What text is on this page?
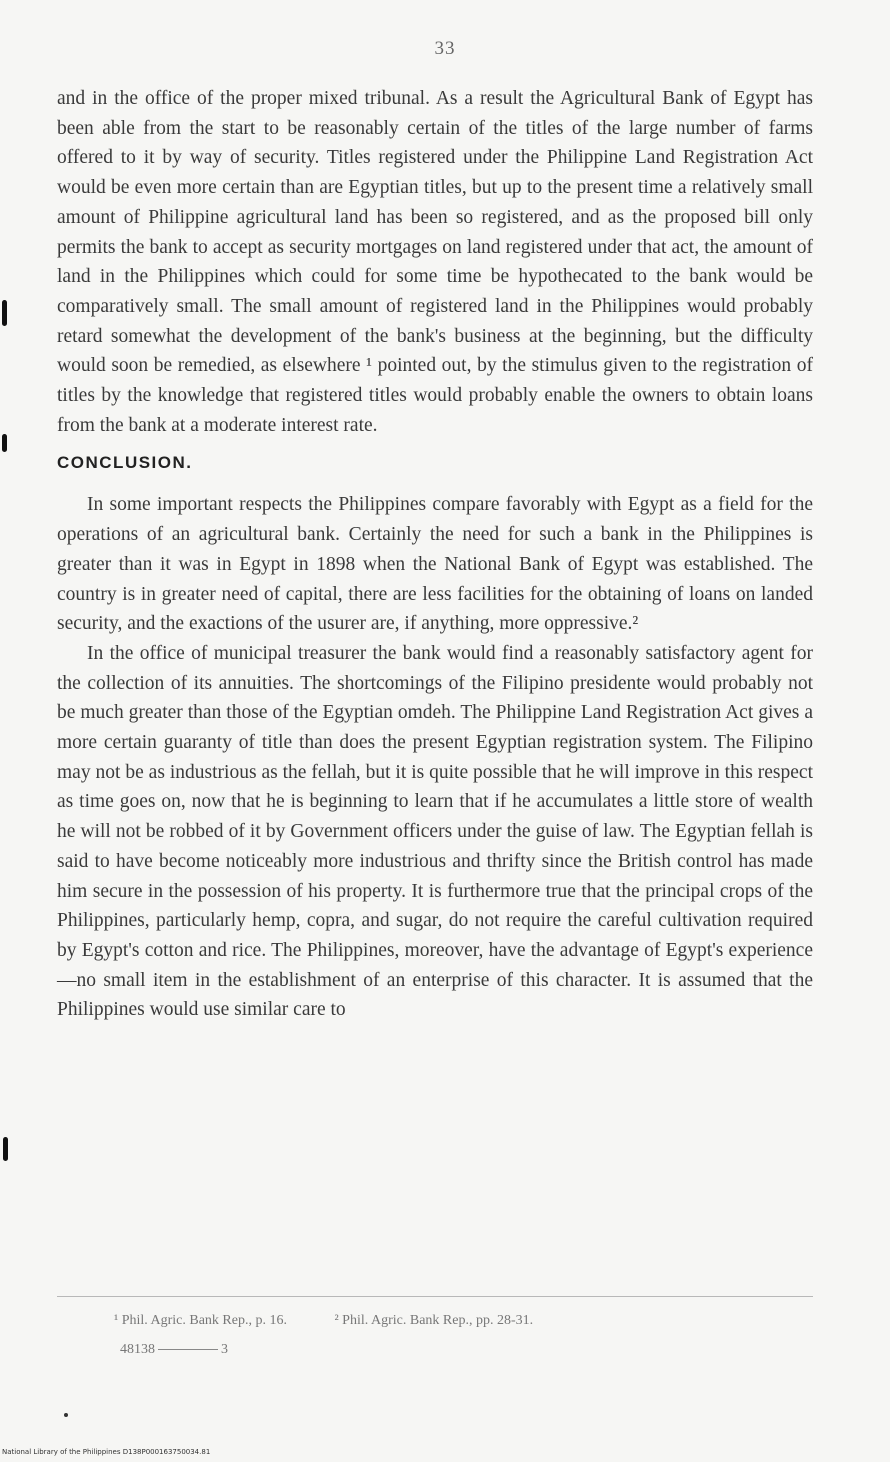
33

and in the office of the proper mixed tribunal. As a result the Agricultural Bank of Egypt has been able from the start to be reasonably certain of the titles of the large number of farms offered to it by way of security. Titles registered under the Philippine Land Registration Act would be even more certain than are Egyptian titles, but up to the present time a relatively small amount of Philippine agricultural land has been so registered, and as the proposed bill only permits the bank to accept as security mortgages on land registered under that act, the amount of land in the Philippines which could for some time be hypothecated to the bank would be comparatively small. The small amount of registered land in the Philippines would probably retard somewhat the development of the bank's business at the beginning, but the difficulty would soon be remedied, as elsewhere ¹ pointed out, by the stimulus given to the registration of titles by the knowledge that registered titles would probably enable the owners to obtain loans from the bank at a moderate interest rate.

CONCLUSION.

In some important respects the Philippines compare favorably with Egypt as a field for the operations of an agricultural bank. Certainly the need for such a bank in the Philippines is greater than it was in Egypt in 1898 when the National Bank of Egypt was established. The country is in greater need of capital, there are less facilities for the obtaining of loans on landed security, and the exactions of the usurer are, if anything, more oppressive.²

In the office of municipal treasurer the bank would find a reasonably satisfactory agent for the collection of its annuities. The shortcomings of the Filipino presidente would probably not be much greater than those of the Egyptian omdeh. The Philippine Land Registration Act gives a more certain guaranty of title than does the present Egyptian registration system. The Filipino may not be as industrious as the fellah, but it is quite possible that he will improve in this respect as time goes on, now that he is beginning to learn that if he accumulates a little store of wealth he will not be robbed of it by Government officers under the guise of law. The Egyptian fellah is said to have become noticeably more industrious and thrifty since the British control has made him secure in the possession of his property. It is furthermore true that the principal crops of the Philippines, particularly hemp, copra, and sugar, do not require the careful cultivation required by Egypt's cotton and rice. The Philippines, moreover, have the advantage of Egypt's experience—no small item in the establishment of an enterprise of this character. It is assumed that the Philippines would use similar care to

¹ Phil. Agric. Bank Rep., p. 16.	² Phil. Agric. Bank Rep., pp. 28-31.
48138	3
National Library of the Philippines D138P000163750034.81
